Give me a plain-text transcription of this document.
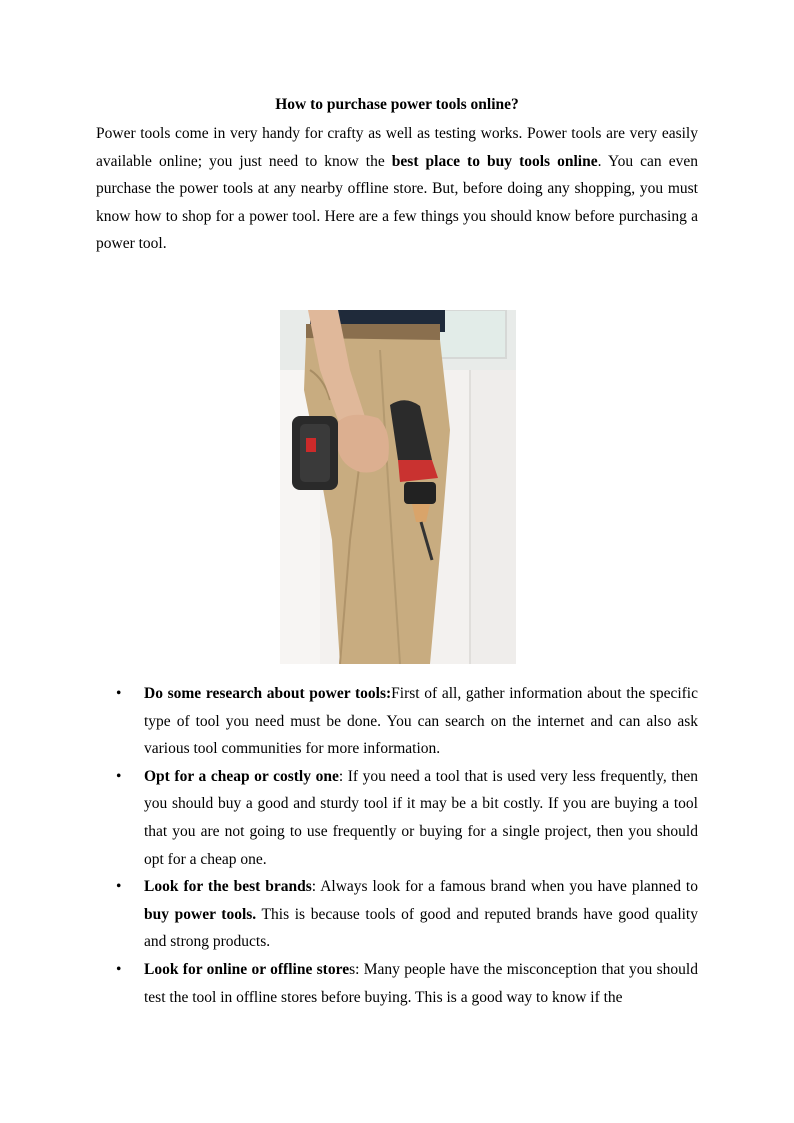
How to purchase power tools online?

Power tools come in very handy for crafty as well as testing works. Power tools are very easily available online; you just need to know the best place to buy tools online. You can even purchase the power tools at any nearby offline store. But, before doing any shopping, you must know how to shop for a power tool. Here are a few things you should know before purchasing a power tool.

• Do some research about power tools:First of all, gather information about the specific type of tool you need must be done. You can search on the internet and can also ask various tool communities for more information.
• Opt for a cheap or costly one: If you need a tool that is used very less frequently, then you should buy a good and sturdy tool if it may be a bit costly. If you are buying a tool that you are not going to use frequently or buying for a single project, then you should opt for a cheap one.
• Look for the best brands: Always look for a famous brand when you have planned to buy power tools. This is because tools of good and reputed brands have good quality and strong products.
• Look for online or offline stores: Many people have the misconception that you should test the tool in offline stores before buying. This is a good way to know if the
